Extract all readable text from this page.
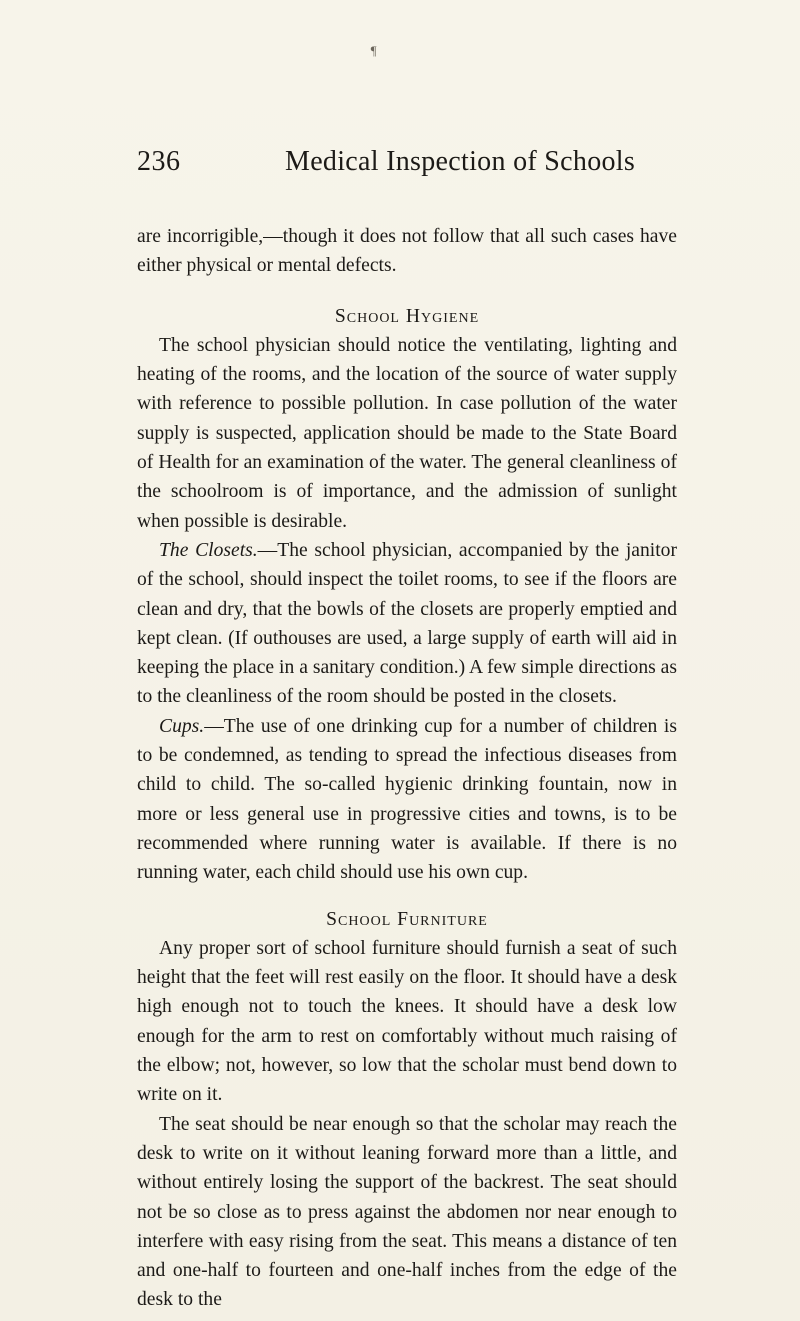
¶
236	Medical Inspection of Schools

are incorrigible,—though it does not follow that all such cases have either physical or mental defects.

School Hygiene

The school physician should notice the ventilating, lighting and heating of the rooms, and the location of the source of water supply with reference to possible pollution. In case pollution of the water supply is suspected, application should be made to the State Board of Health for an examination of the water. The general cleanliness of the schoolroom is of importance, and the admission of sunlight when possible is desirable.

The Closets.—The school physician, accompanied by the janitor of the school, should inspect the toilet rooms, to see if the floors are clean and dry, that the bowls of the closets are properly emptied and kept clean. (If outhouses are used, a large supply of earth will aid in keeping the place in a sanitary condition.) A few simple directions as to the cleanliness of the room should be posted in the closets.

Cups.—The use of one drinking cup for a number of children is to be condemned, as tending to spread the infectious diseases from child to child. The so-called hygienic drinking fountain, now in more or less general use in progressive cities and towns, is to be recommended where running water is available. If there is no running water, each child should use his own cup.

School Furniture

Any proper sort of school furniture should furnish a seat of such height that the feet will rest easily on the floor. It should have a desk high enough not to touch the knees. It should have a desk low enough for the arm to rest on comfortably without much raising of the elbow; not, however, so low that the scholar must bend down to write on it.

The seat should be near enough so that the scholar may reach the desk to write on it without leaning forward more than a little, and without entirely losing the support of the backrest. The seat should not be so close as to press against the abdomen nor near enough to interfere with easy rising from the seat. This means a distance of ten and one-half to fourteen and one-half inches from the edge of the desk to the
